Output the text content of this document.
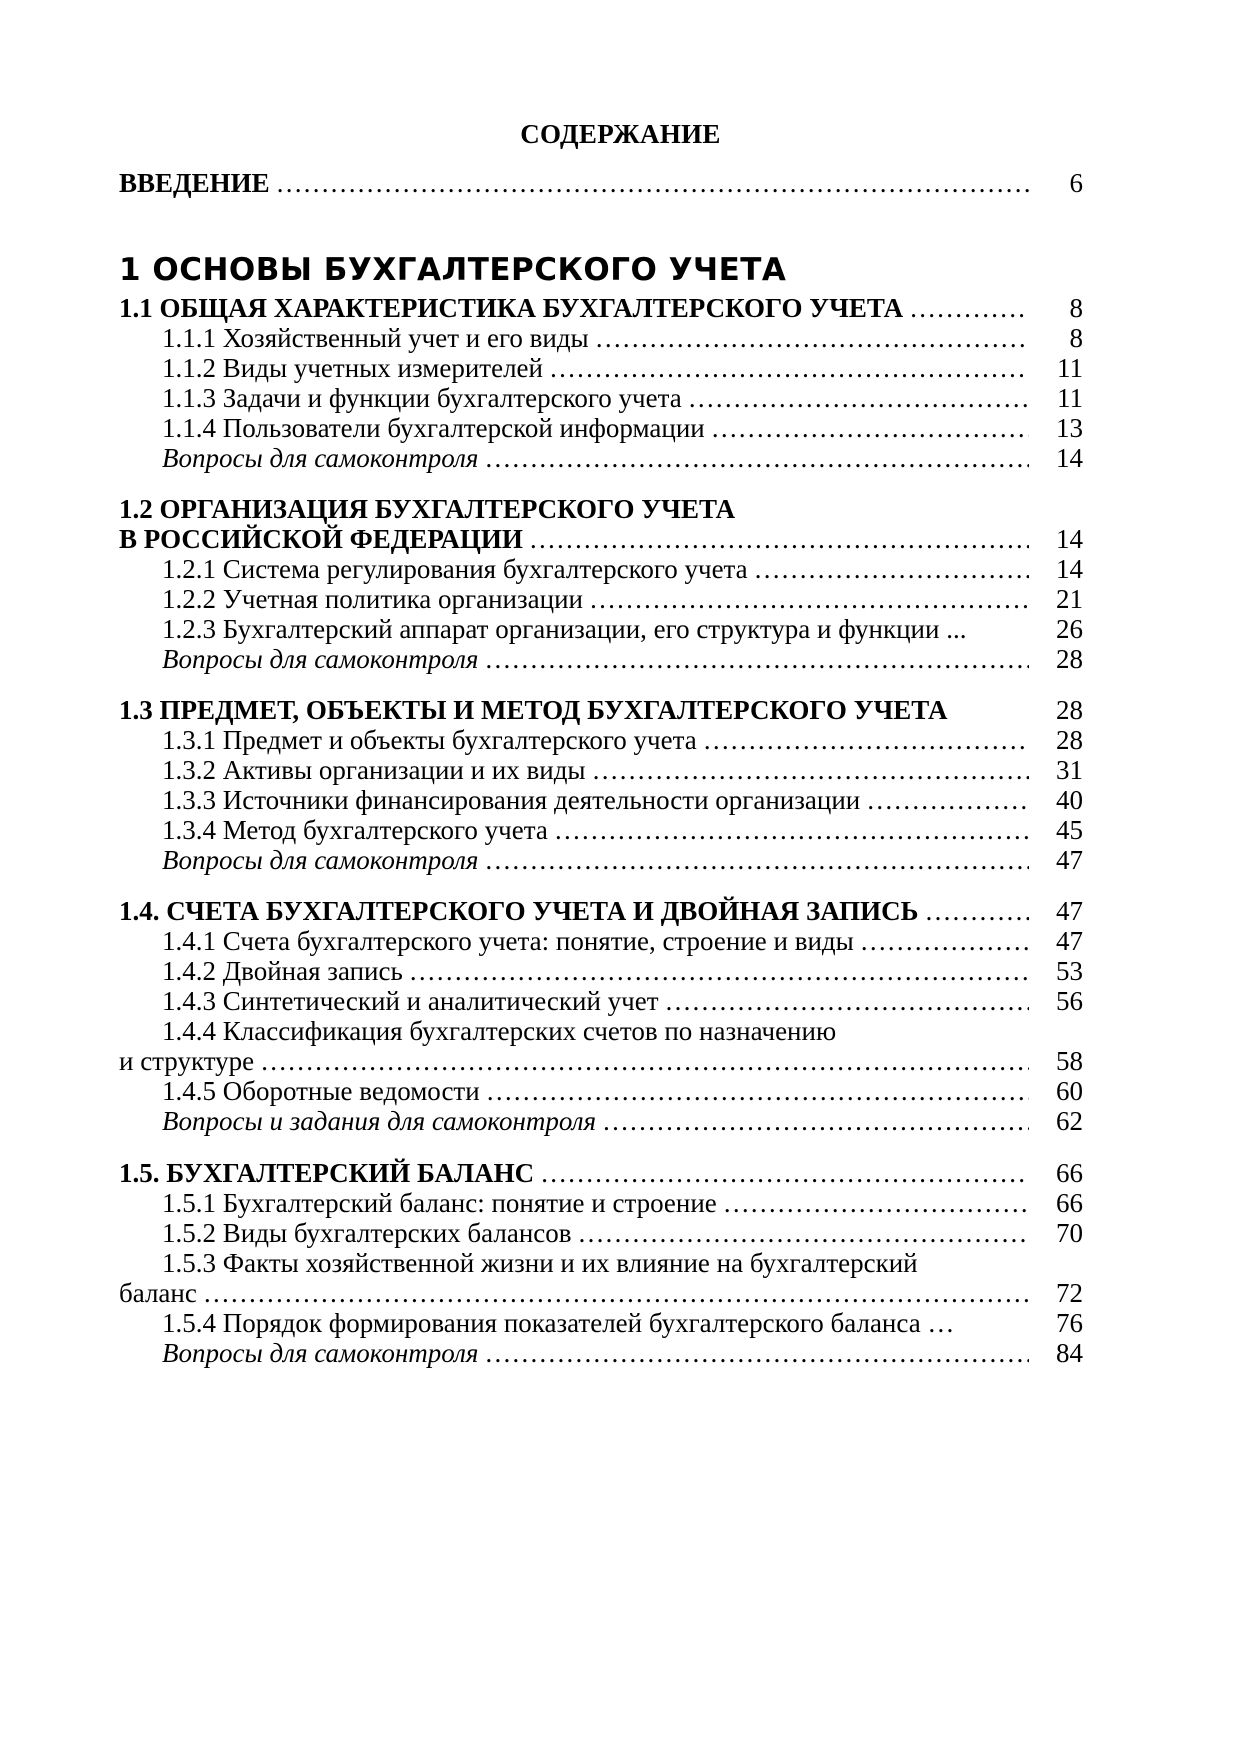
СОДЕРЖАНИЕ
ВВЕДЕНИЕ …………………………………………………………………………………………………………………………………………………………………	6
1 ОСНОВЫ БУХГАЛТЕРСКОГО УЧЕТА
1.1 ОБЩАЯ ХАРАКТЕРИСТИКА БУХГАЛТЕРСКОГО УЧЕТА …………………………………………………………………………………………………………………………………………………………………	8
1.1.1 Хозяйственный учет и его виды …………………………………………………………………………………………………………………………………………………………………	8
1.1.2 Виды учетных измерителей …………………………………………………………………………………………………………………………………………………………………	11
1.1.3 Задачи и функции бухгалтерского учета …………………………………………………………………………………………………………………………………………………………………	11
1.1.4 Пользователи бухгалтерской информации …………………………………………………………………………………………………………………………………………………………………	13
Вопросы для самоконтроля …………………………………………………………………………………………………………………………………………………………………	14
1.2 ОРГАНИЗАЦИЯ БУХГАЛТЕРСКОГО УЧЕТА
В РОССИЙСКОЙ ФЕДЕРАЦИИ …………………………………………………………………………………………………………………………………………………………………	14
1.2.1 Система регулирования бухгалтерского учета …………………………………………………………………………………………………………………………………………………………………	14
1.2.2 Учетная политика организации …………………………………………………………………………………………………………………………………………………………………	21
1.2.3 Бухгалтерский аппарат организации, его структура и функции ...	26
Вопросы для самоконтроля …………………………………………………………………………………………………………………………………………………………………	28
1.3 ПРЕДМЕТ, ОБЪЕКТЫ И МЕТОД БУХГАЛТЕРСКОГО УЧЕТА	28
1.3.1 Предмет и объекты бухгалтерского учета …………………………………………………………………………………………………………………………………………………………………	28
1.3.2 Активы организации и их виды …………………………………………………………………………………………………………………………………………………………………	31
1.3.3 Источники финансирования деятельности организации …………………………………………………………………………………………………………………………………………………………………	40
1.3.4 Метод бухгалтерского учета …………………………………………………………………………………………………………………………………………………………………	45
Вопросы для самоконтроля …………………………………………………………………………………………………………………………………………………………………	47
1.4. СЧЕТА БУХГАЛТЕРСКОГО УЧЕТА И ДВОЙНАЯ ЗАПИСЬ …………………………………………………………………………………………………………………………………………………………………	47
1.4.1 Счета бухгалтерского учета: понятие, строение и виды …………………………………………………………………………………………………………………………………………………………………	47
1.4.2 Двойная запись …………………………………………………………………………………………………………………………………………………………………	53
1.4.3 Синтетический и аналитический учет …………………………………………………………………………………………………………………………………………………………………	56
1.4.4 Классификация бухгалтерских счетов по назначению
и структуре …………………………………………………………………………………………………………………………………………………………………	58
1.4.5 Оборотные ведомости …………………………………………………………………………………………………………………………………………………………………	60
Вопросы и задания для самоконтроля …………………………………………………………………………………………………………………………………………………………………	62
1.5. БУХГАЛТЕРСКИЙ БАЛАНС …………………………………………………………………………………………………………………………………………………………………	66
1.5.1 Бухгалтерский баланс: понятие и строение …………………………………………………………………………………………………………………………………………………………………	66
1.5.2 Виды бухгалтерских балансов …………………………………………………………………………………………………………………………………………………………………	70
1.5.3 Факты хозяйственной жизни и их влияние на бухгалтерский
баланс …………………………………………………………………………………………………………………………………………………………………	72
1.5.4 Порядок формирования показателей бухгалтерского баланса …	76
Вопросы для самоконтроля …………………………………………………………………………………………………………………………………………………………………	84
